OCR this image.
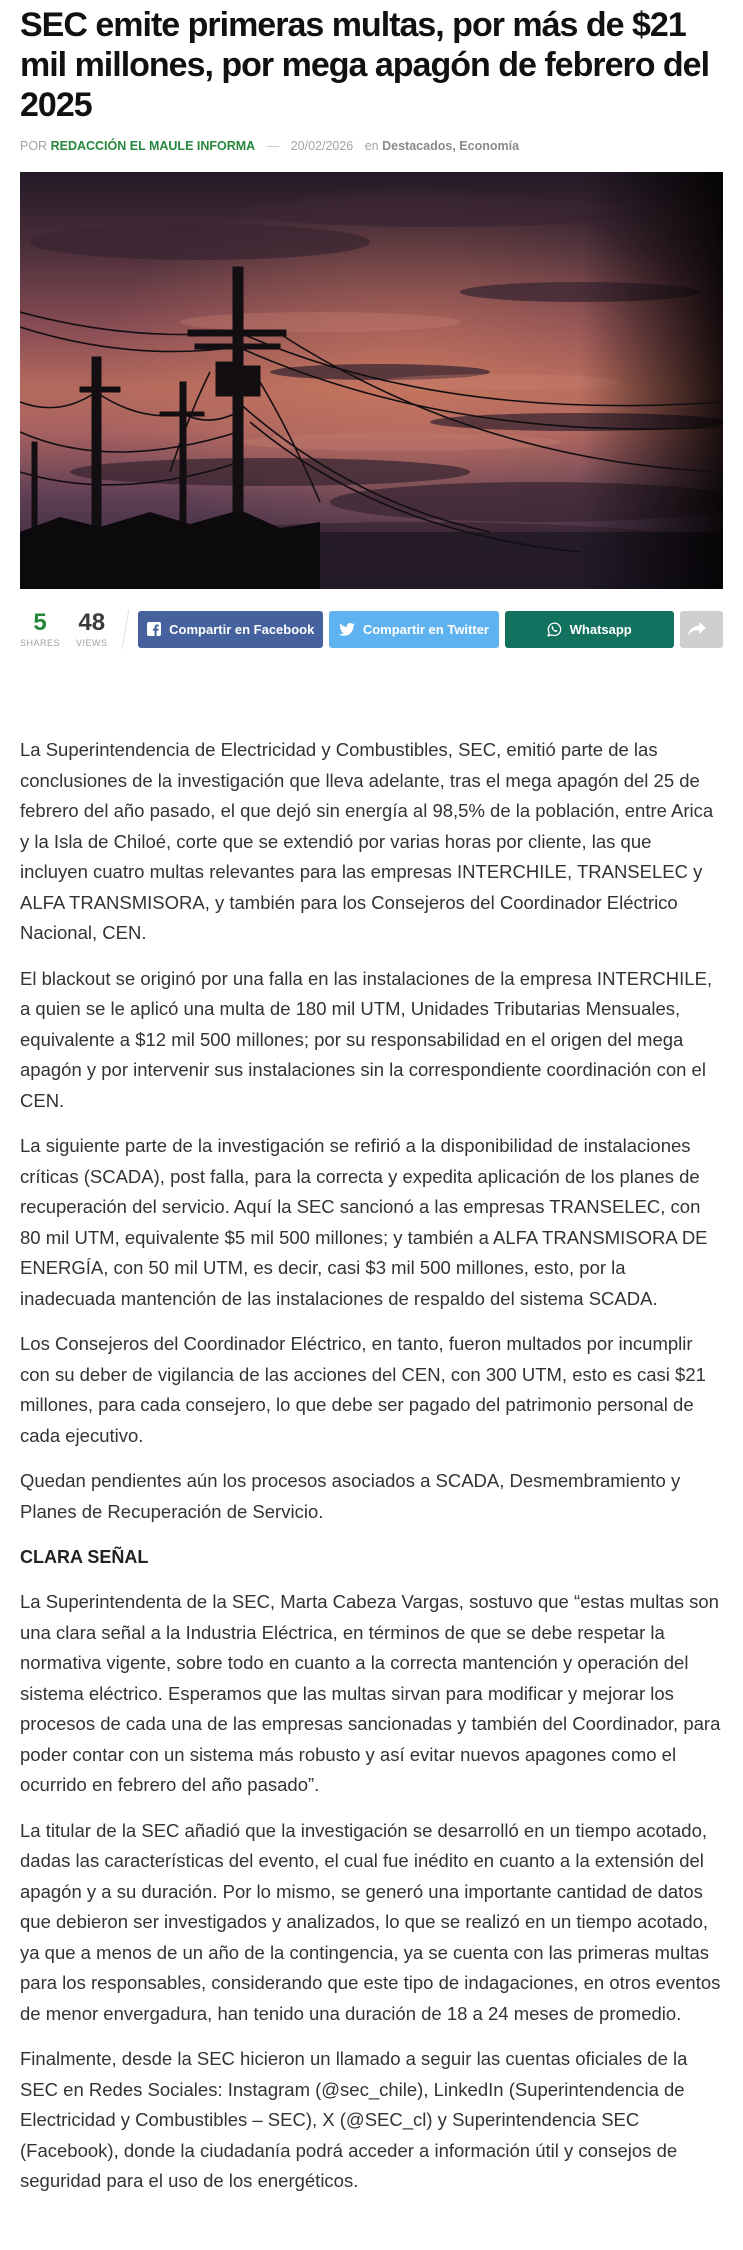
SEC emite primeras multas, por más de $21 mil millones, por mega apagón de febrero del 2025
POR REDACCIÓN EL MAULE INFORMA — 20/02/2026 en Destacados, Economía
5
SHARES
48
VIEWS
Compartir en Facebook	Compartir en Twitter	Whatsapp

La Superintendencia de Electricidad y Combustibles, SEC, emitió parte de las conclusiones de la investigación que lleva adelante, tras el mega apagón del 25 de febrero del año pasado, el que dejó sin energía al 98,5% de la población, entre Arica y la Isla de Chiloé, corte que se extendió por varias horas por cliente, las que incluyen cuatro multas relevantes para las empresas INTERCHILE, TRANSELEC y ALFA TRANSMISORA, y también para los Consejeros del Coordinador Eléctrico Nacional, CEN.

El blackout se originó por una falla en las instalaciones de la empresa INTERCHILE, a quien se le aplicó una multa de 180 mil UTM, Unidades Tributarias Mensuales, equivalente a $12 mil 500 millones; por su responsabilidad en el origen del mega apagón y por intervenir sus instalaciones sin la correspondiente coordinación con el CEN.

La siguiente parte de la investigación se refirió a la disponibilidad de instalaciones críticas (SCADA), post falla, para la correcta y expedita aplicación de los planes de recuperación del servicio. Aquí la SEC sancionó a las empresas TRANSELEC, con 80 mil UTM, equivalente $5 mil 500 millones; y también a ALFA TRANSMISORA DE ENERGÍA, con 50 mil UTM, es decir, casi $3 mil 500 millones, esto, por la inadecuada mantención de las instalaciones de respaldo del sistema SCADA.

Los Consejeros del Coordinador Eléctrico, en tanto, fueron multados por incumplir con su deber de vigilancia de las acciones del CEN, con 300 UTM, esto es casi $21 millones, para cada consejero, lo que debe ser pagado del patrimonio personal de cada ejecutivo.

Quedan pendientes aún los procesos asociados a SCADA, Desmembramiento y Planes de Recuperación de Servicio.

CLARA SEÑAL

La Superintendenta de la SEC, Marta Cabeza Vargas, sostuvo que “estas multas son una clara señal a la Industria Eléctrica, en términos de que se debe respetar la normativa vigente, sobre todo en cuanto a la correcta mantención y operación del sistema eléctrico. Esperamos que las multas sirvan para modificar y mejorar los procesos de cada una de las empresas sancionadas y también del Coordinador, para poder contar con un sistema más robusto y así evitar nuevos apagones como el ocurrido en febrero del año pasado”.

La titular de la SEC añadió que la investigación se desarrolló en un tiempo acotado, dadas las características del evento, el cual fue inédito en cuanto a la extensión del apagón y a su duración. Por lo mismo, se generó una importante cantidad de datos que debieron ser investigados y analizados, lo que se realizó en un tiempo acotado, ya que a menos de un año de la contingencia, ya se cuenta con las primeras multas para los responsables, considerando que este tipo de indagaciones, en otros eventos de menor envergadura, han tenido una duración de 18 a 24 meses de promedio.

Finalmente, desde la SEC hicieron un llamado a seguir las cuentas oficiales de la SEC en Redes Sociales: Instagram (@sec_chile), LinkedIn (Superintendencia de Electricidad y Combustibles – SEC), X (@SEC_cl) y Superintendencia SEC (Facebook), donde la ciudadanía podrá acceder a información útil y consejos de seguridad para el uso de los energéticos.
